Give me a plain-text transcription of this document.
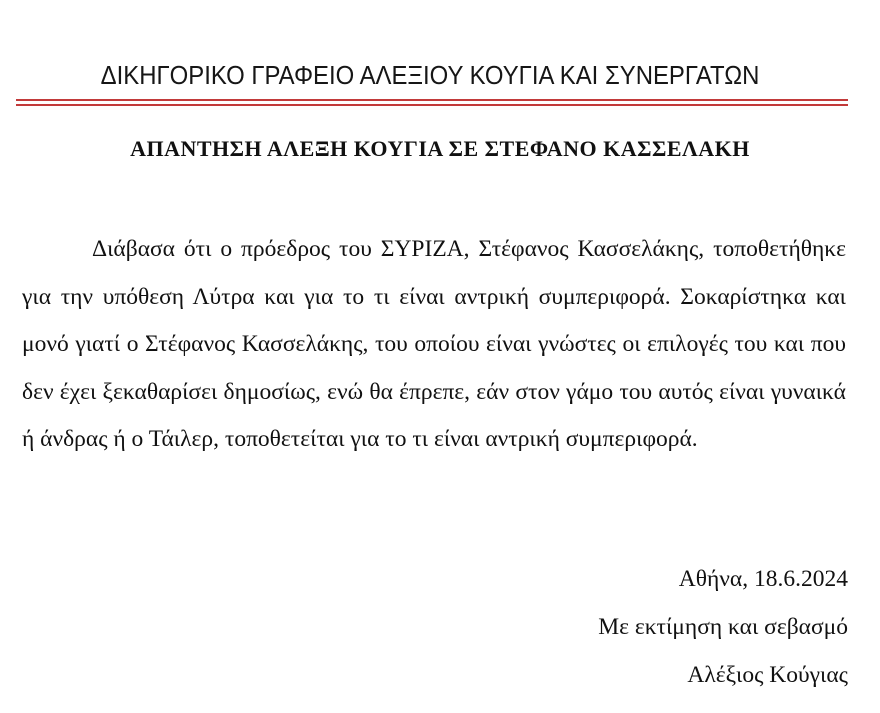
ΔΙΚΗΓΟΡΙΚΟ ΓΡΑΦΕΙΟ ΑΛΕΞΙΟΥ ΚΟΥΓΙΑ ΚΑΙ ΣΥΝΕΡΓΑΤΩΝ
ΑΠΑΝΤΗΣΗ ΑΛΕΞΗ ΚΟΥΓΙΑ ΣΕ ΣΤΕΦΑΝΟ ΚΑΣΣΕΛΑΚΗ
Διάβασα ότι ο πρόεδρος του ΣΥΡΙΖΑ, Στέφανος Κασσελάκης, τοποθετήθηκε για την υπόθεση Λύτρα και για το τι είναι αντρική συμπεριφορά. Σοκαρίστηκα και μονό γιατί ο Στέφανος Κασσελάκης, του οποίου είναι γνώστες οι επιλογές του και που δεν έχει ξεκαθαρίσει δημοσίως, ενώ θα έπρεπε, εάν στον γάμο του αυτός είναι γυναικά ή άνδρας ή ο Τάιλερ, τοποθετείται για το τι είναι αντρική συμπεριφορά.
Αθήνα, 18.6.2024
Με εκτίμηση και σεβασμό
Αλέξιος Κούγιας
